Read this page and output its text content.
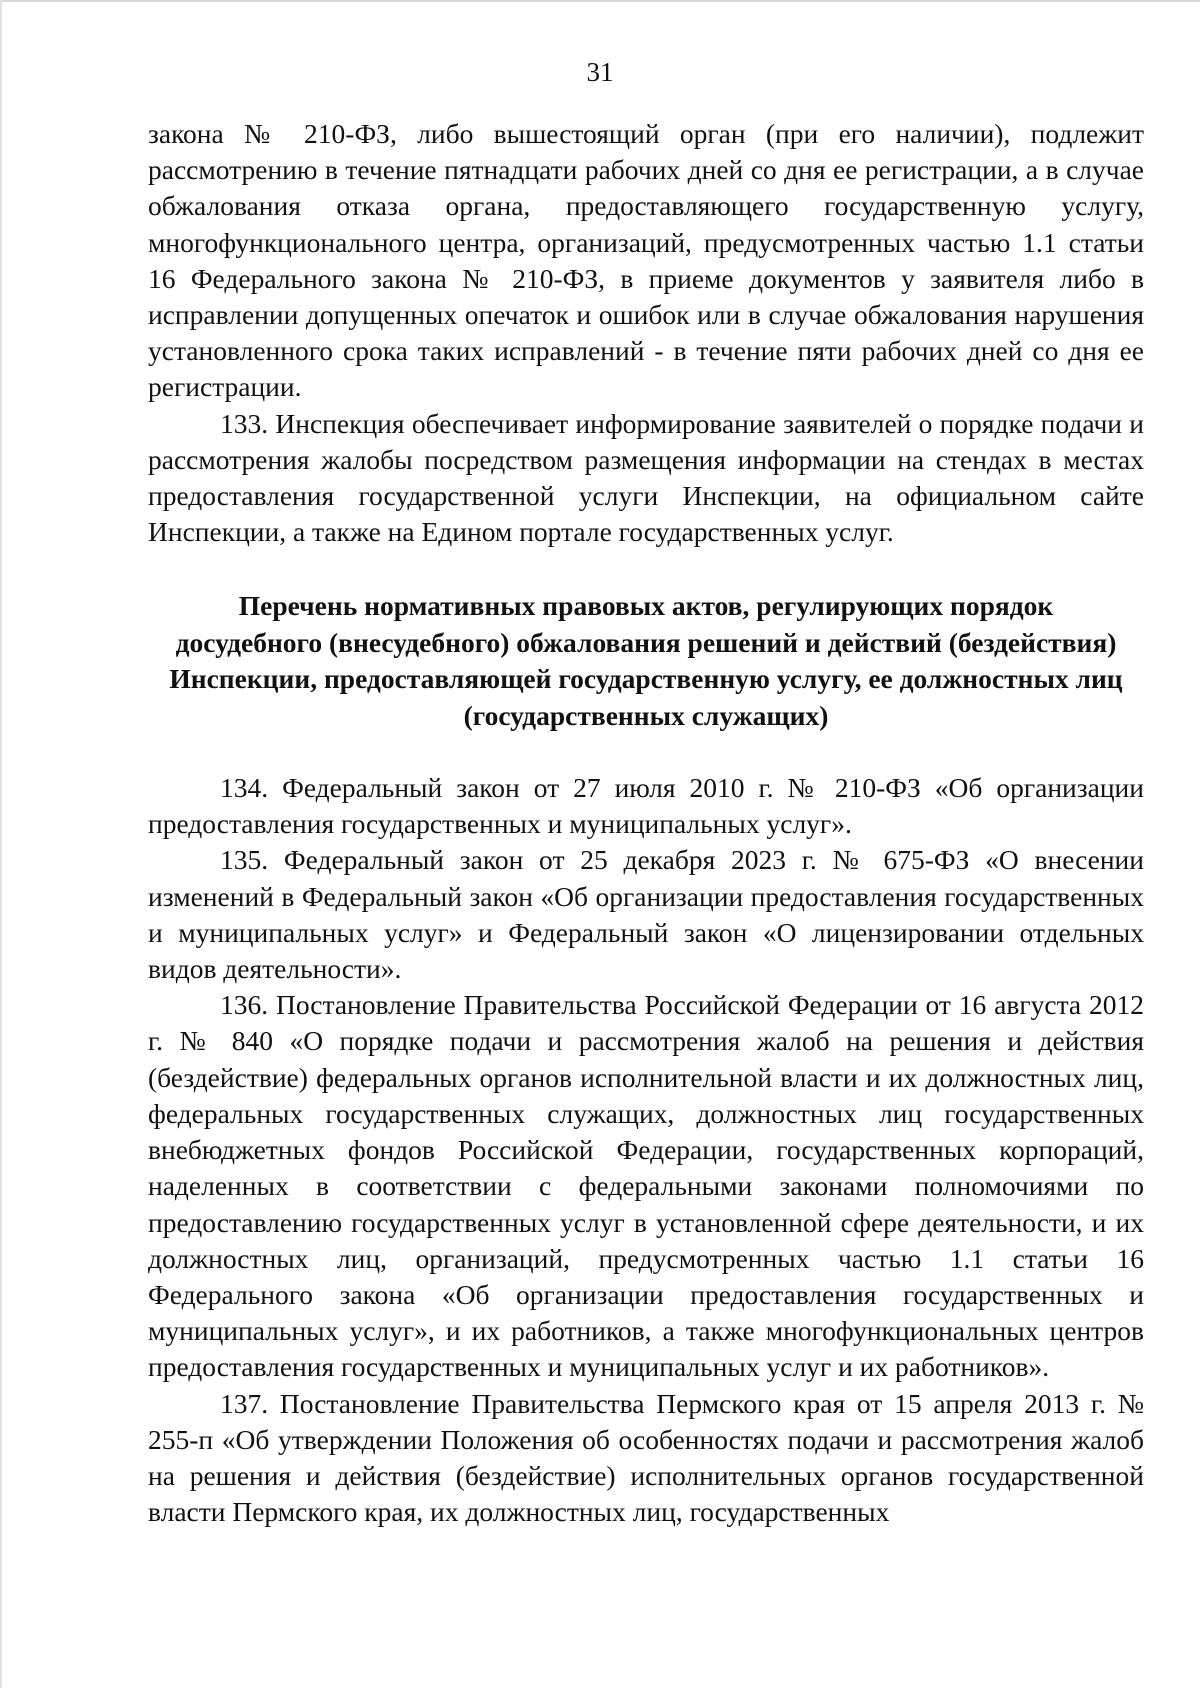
31

закона № 210-ФЗ, либо вышестоящий орган (при его наличии), подлежит рассмотрению в течение пятнадцати рабочих дней со дня ее регистрации, а в случае обжалования отказа органа, предоставляющего государственную услугу, многофункционального центра, организаций, предусмотренных частью 1.1 статьи 16 Федерального закона № 210-ФЗ, в приеме документов у заявителя либо в исправлении допущенных опечаток и ошибок или в случае обжалования нарушения установленного срока таких исправлений - в течение пяти рабочих дней со дня ее регистрации.

133. Инспекция обеспечивает информирование заявителей о порядке подачи и рассмотрения жалобы посредством размещения информации на стендах в местах предоставления государственной услуги Инспекции, на официальном сайте Инспекции, а также на Едином портале государственных услуг.

Перечень нормативных правовых актов, регулирующих порядок
досудебного (внесудебного) обжалования решений и действий (бездействия)
Инспекции, предоставляющей государственную услугу, ее должностных лиц
(государственных служащих)

134. Федеральный закон от 27 июля 2010 г. № 210-ФЗ «Об организации предоставления государственных и муниципальных услуг».

135. Федеральный закон от 25 декабря 2023 г. № 675-ФЗ «О внесении изменений в Федеральный закон «Об организации предоставления государственных и муниципальных услуг» и Федеральный закон «О лицензировании отдельных видов деятельности».

136. Постановление Правительства Российской Федерации от 16 августа 2012 г. № 840 «О порядке подачи и рассмотрения жалоб на решения и действия (бездействие) федеральных органов исполнительной власти и их должностных лиц, федеральных государственных служащих, должностных лиц государственных внебюджетных фондов Российской Федерации, государственных корпораций, наделенных в соответствии с федеральными законами полномочиями по предоставлению государственных услуг в установленной сфере деятельности, и их должностных лиц, организаций, предусмотренных частью 1.1 статьи 16 Федерального закона «Об организации предоставления государственных и муниципальных услуг», и их работников, а также многофункциональных центров предоставления государственных и муниципальных услуг и их работников».

137. Постановление Правительства Пермского края от 15 апреля 2013 г. № 255-п «Об утверждении Положения об особенностях подачи и рассмотрения жалоб на решения и действия (бездействие) исполнительных органов государственной власти Пермского края, их должностных лиц, государственных
